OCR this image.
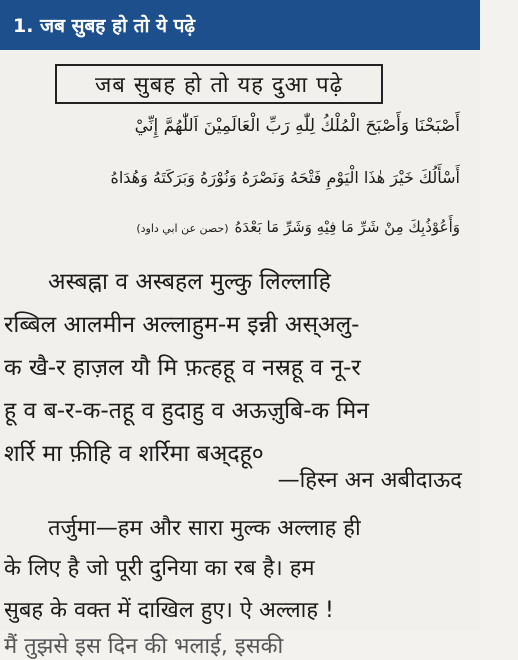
1. जब सुबह हो तो ये पढ़े
जब सुबह हो तो यह दुआ पढ़े
أَصْبَحْنَا وَأَصْبَحَ الْمُلْكُ لِلّٰهِ رَبِّ الْعَالَمِيْنَ اَللّٰهُمَّ إِنِّيْ
أَسْأَلُكَ خَيْرَ هٰذَا الْيَوْمِ فَتْحَهُ وَنَصْرَهُ وَنُوْرَهُ وَبَرَكَتَهُ وَهُدَاهُ
وَأَعُوْذُبِكَ مِنْ شَرِّ مَا فِيْهِ وَشَرِّ مَا بَعْدَهُ(حصن عن ابي داود)
अस्बह्ना व अस्बहल मुल्कु लिल्लाहि
रब्बिल आलमीन अल्लाहुम-म इन्नी अस्अलु-
क खै-र हाज़ल यौ मि फ़त्हहू व नस्रहू व नू-र
हू व ब-र-क-तहू व हुदाहु व अऊज़ुबि-क मिन
शर्रि मा फ़ीहि व शर्रिमा बअ्दहू०
—हिस्न अन अबीदाऊद
तर्जुमा—हम और सारा मुल्क अल्लाह ही
के लिए है जो पूरी दुनिया का रब है। हम
सुबह के वक्त में दाखिल हुए। ऐ अल्लाह !
मैं तुझसे इस दिन की भलाई, इसकी
